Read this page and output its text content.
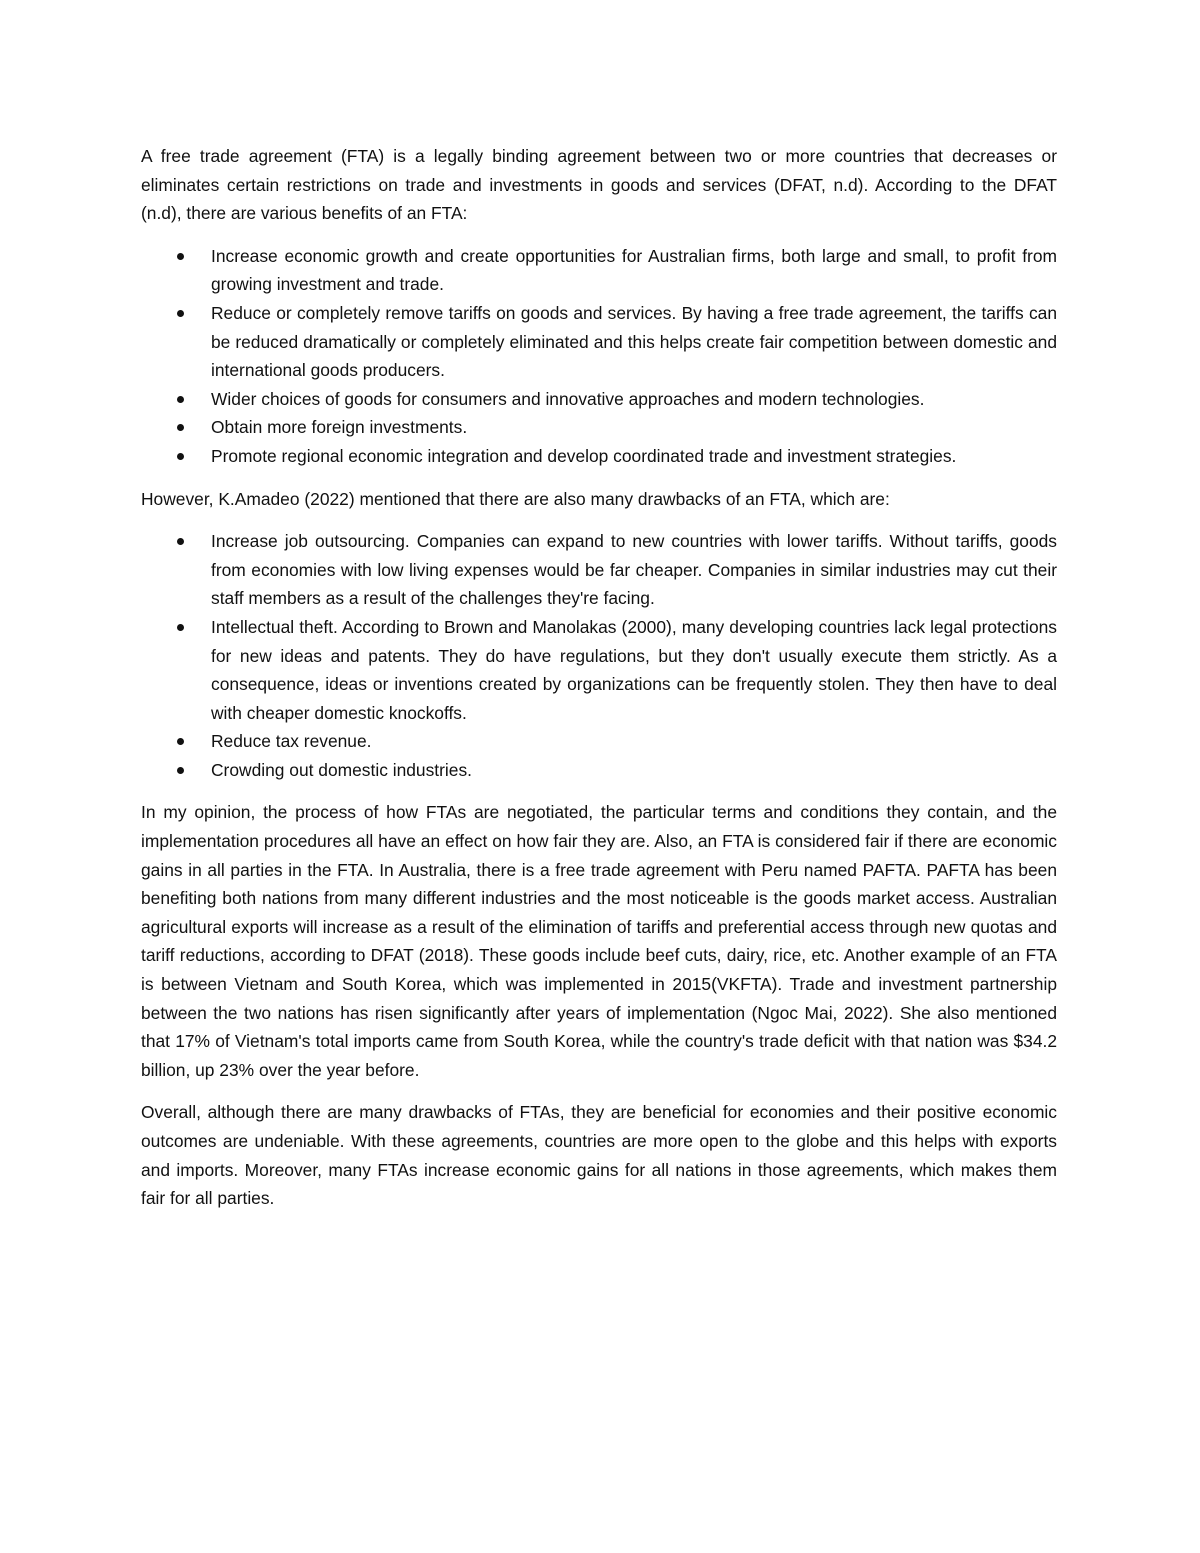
A free trade agreement (FTA) is a legally binding agreement between two or more countries that decreases or eliminates certain restrictions on trade and investments in goods and services (DFAT, n.d). According to the DFAT (n.d), there are various benefits of an FTA:

Increase economic growth and create opportunities for Australian firms, both large and small, to profit from growing investment and trade.
Reduce or completely remove tariffs on goods and services. By having a free trade agreement, the tariffs can be reduced dramatically or completely eliminated and this helps create fair competition between domestic and international goods producers.
Wider choices of goods for consumers and innovative approaches and modern technologies.
Obtain more foreign investments.
Promote regional economic integration and develop coordinated trade and investment strategies.

However, K.Amadeo (2022) mentioned that there are also many drawbacks of an FTA, which are:

Increase job outsourcing. Companies can expand to new countries with lower tariffs. Without tariffs, goods from economies with low living expenses would be far cheaper. Companies in similar industries may cut their staff members as a result of the challenges they're facing.
Intellectual theft. According to Brown and Manolakas (2000), many developing countries lack legal protections for new ideas and patents. They do have regulations, but they don't usually execute them strictly. As a consequence, ideas or inventions created by organizations can be frequently stolen. They then have to deal with cheaper domestic knockoffs.
Reduce tax revenue.
Crowding out domestic industries.

In my opinion, the process of how FTAs are negotiated, the particular terms and conditions they contain, and the implementation procedures all have an effect on how fair they are. Also, an FTA is considered fair if there are economic gains in all parties in the FTA. In Australia, there is a free trade agreement with Peru named PAFTA. PAFTA has been benefiting both nations from many different industries and the most noticeable is the goods market access. Australian agricultural exports will increase as a result of the elimination of tariffs and preferential access through new quotas and tariff reductions, according to DFAT (2018). These goods include beef cuts, dairy, rice, etc. Another example of an FTA is between Vietnam and South Korea, which was implemented in 2015(VKFTA). Trade and investment partnership between the two nations has risen significantly after years of implementation (Ngoc Mai, 2022). She also mentioned that 17% of Vietnam's total imports came from South Korea, while the country's trade deficit with that nation was $34.2 billion, up 23% over the year before.

Overall, although there are many drawbacks of FTAs, they are beneficial for economies and their positive economic outcomes are undeniable. With these agreements, countries are more open to the globe and this helps with exports and imports. Moreover, many FTAs increase economic gains for all nations in those agreements, which makes them fair for all parties.
